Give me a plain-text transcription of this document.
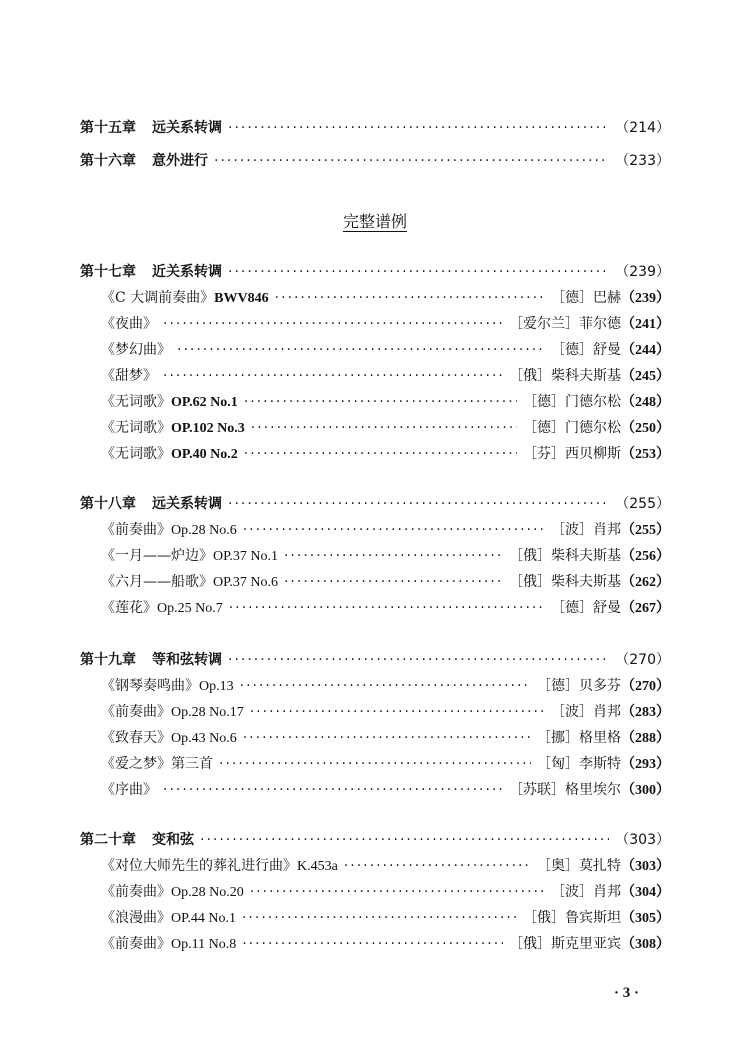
第十五章	远关系转调 ·····	（214）
第十六章	意外进行 ·····	（233）
完整谱例
第十七章	近关系转调 ·····	（239）
《C 大调前奏曲》 BWV846 ·····	［德］巴赫 （239）
《夜曲》 ·····	［爱尔兰］菲尔德 （241）
《梦幻曲》 ·····	［德］舒曼 （244）
《甜梦》 ·····	［俄］柴科夫斯基 （245）
《无词歌》 OP.62 No.1 ·····	［德］门德尔松 （248）
《无词歌》 OP.102 No.3 ·····	［德］门德尔松 （250）
《无词歌》 OP.40 No.2 ·····	［芬］西贝柳斯 （253）
第十八章	远关系转调 ·····	（255）
《前奏曲》 Op.28 No.6 ·····	［波］肖邦 （255）
《一月——炉边》 OP.37 No.1 ·····	［俄］柴科夫斯基 （256）
《六月——船歌》 OP.37 No.6 ·····	［俄］柴科夫斯基 （262）
《莲花》 Op.25 No.7 ·····	［德］舒曼 （267）
第十九章	等和弦转调 ·····	（270）
《钢琴奏鸣曲》 Op.13 ·····	［德］贝多芬 （270）
《前奏曲》 Op.28 No.17 ·····	［波］肖邦 （283）
《致春天》 Op.43 No.6 ·····	［挪］格里格 （288）
《爱之梦》第三首 ·····	［匈］李斯特 （293）
《序曲》 ·····	［苏联］格里埃尔 （300）
第二十章	变和弦 ·····	（303）
《对位大师先生的葬礼进行曲》 K.453a ·····	［奥］莫扎特 （303）
《前奏曲》 Op.28 No.20 ·····	［波］肖邦 （304）
《浪漫曲》 OP.44 No.1 ·····	［俄］鲁宾斯坦 （305）
《前奏曲》 Op.11 No.8 ·····	［俄］斯克里亚宾 （308）
· 3 ·
